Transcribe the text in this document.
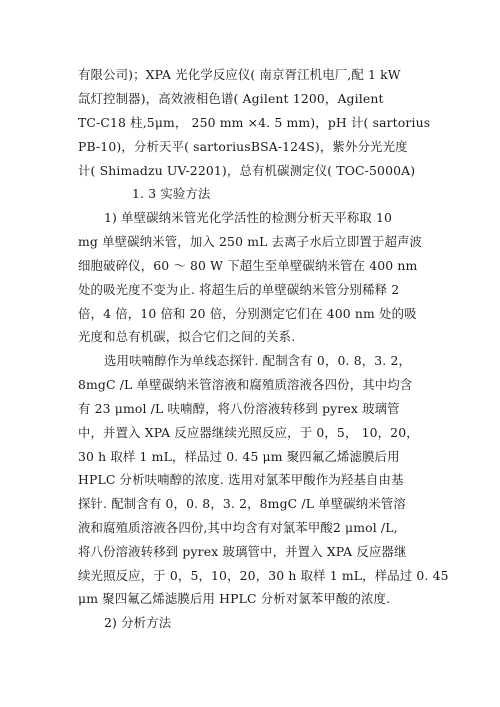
有限公司)；XPA 光化学反应仪( 南京胥江机电厂,配 1 kW
氙灯控制器)，高效液相色谱( Agilent 1200，Agilent
TC-C18 柱,5μm， 250 mm ×4. 5 mm)，pH 计( sartorius
PB-10)，分析天平( sartoriusBSA-124S)，紫外分光光度
计( Shimadzu UV-2201)，总有机碳测定仪( TOC-5000A)
1. 3 实验方法
1) 单壁碳纳米管光化学活性的检测分析天平称取 10
mg 单壁碳纳米管，加入 250 mL 去离子水后立即置于超声波
细胞破碎仪，60 ～ 80 W 下超生至单壁碳纳米管在 400 nm
处的吸光度不变为止. 将超生后的单壁碳纳米管分别稀释 2
倍，4 倍，10 倍和 20 倍，分别测定它们在 400 nm 处的吸
光度和总有机碳，拟合它们之间的关系.
选用呋喃醇作为单线态探针. 配制含有 0，0. 8，3. 2，
8mgC /L 单壁碳纳米管溶液和腐殖质溶液各四份，其中均含
有 23 μmol /L 呋喃醇，将八份溶液转移到 pyrex 玻璃管
中，并置入 XPA 反应器继续光照反应，于 0，5， 10，20，
30 h 取样 1 mL，样品过 0. 45 μm 聚四氟乙烯滤膜后用
HPLC 分析呋喃醇的浓度. 选用对氯苯甲酸作为羟基自由基
探针. 配制含有 0，0. 8，3. 2，8mgC /L 单壁碳纳米管溶
液和腐殖质溶液各四份,其中均含有对氯苯甲酸2 μmol /L,
将八份溶液转移到 pyrex 玻璃管中，并置入 XPA 反应器继
续光照反应，于 0，5，10，20，30 h 取样 1 mL，样品过 0. 45
μm 聚四氟乙烯滤膜后用 HPLC 分析对氯苯甲酸的浓度.
2) 分析方法
